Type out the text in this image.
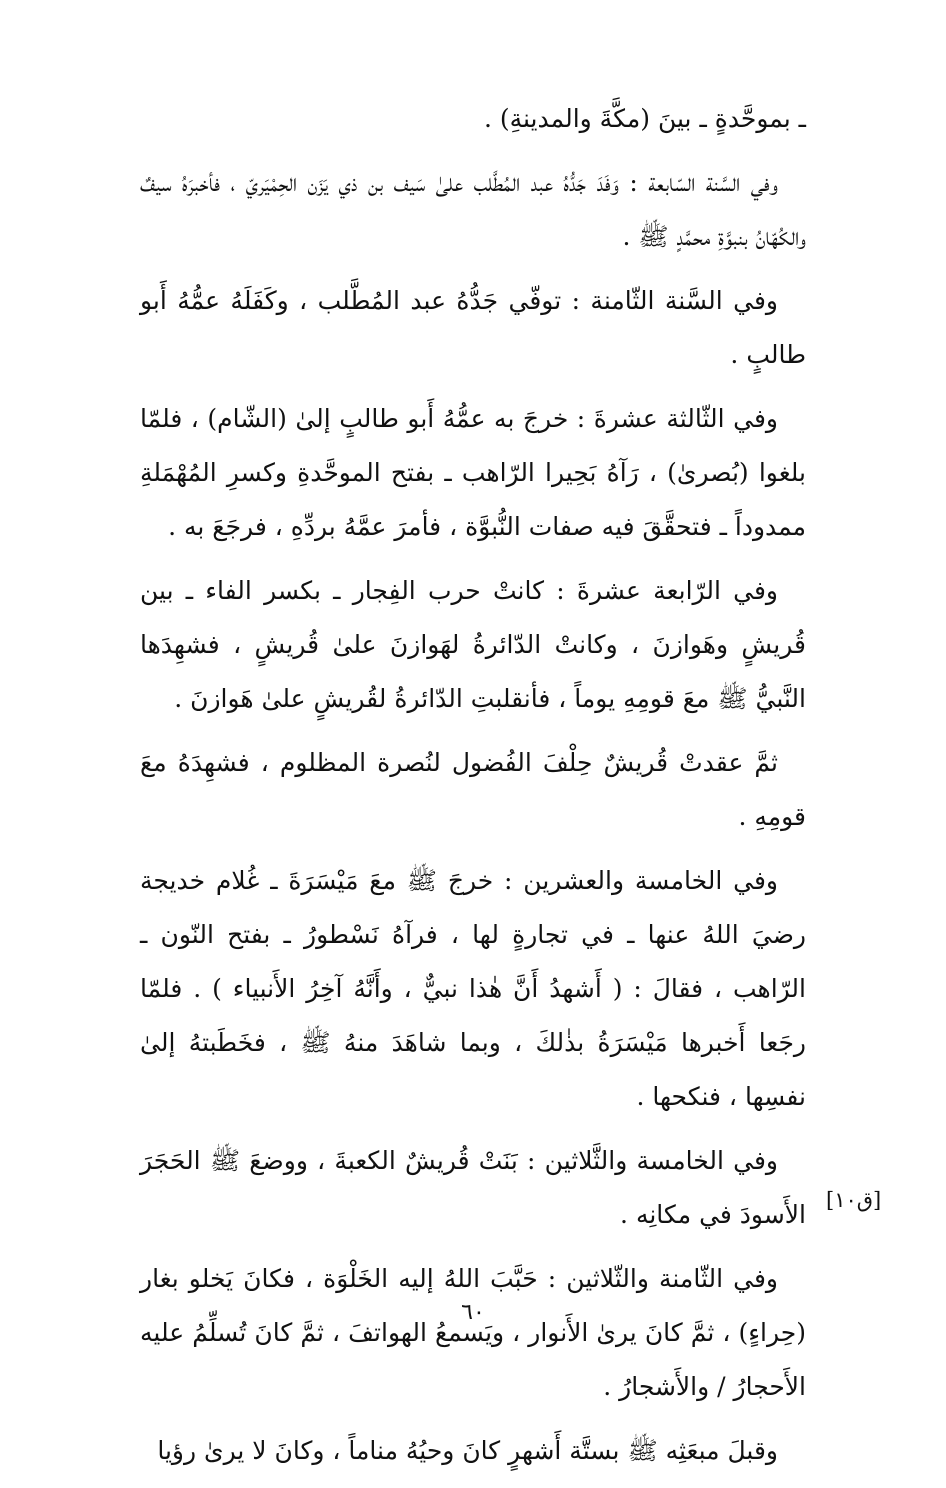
ـ بموحَّدةٍ ـ بينَ (مكَّةَ والمدينةِ) .

وفي السَّنة السّابعة : وَفَدَ جَدُّهُ عبد المُطَّلب علىٰ سَيف بن ذي يَزَن الحِمْيَريّ ، فأخبرَهُ سيفٌ والكُهّانُ بنبوَّةِ محمَّدٍ ﷺ .

وفي السَّنة الثّامنة : توفّي جَدُّهُ عبد المُطَّلب ، وكَفَلَهُ عمُّهُ أَبو طالبٍ .

وفي الثّالثة عشرةَ : خرجَ به عمُّهُ أَبو طالبٍ إلىٰ (الشّام) ، فلمّا بلغوا (بُصرىٰ) ، رَآهُ بَحِيرا الرّاهب ـ بفتح الموحَّدةِ وكسرِ المُهْمَلةِ ممدوداً ـ فتحقَّقَ فيه صفات النُّبوَّة ، فأمرَ عمَّهُ بردِّهِ ، فرجَعَ به .

وفي الرّابعة عشرةَ : كانتْ حرب الفِجار ـ بكسر الفاء ـ بين قُريشٍ وهَوازنَ ، وكانتْ الدّائرةُ لهَوازنَ علىٰ قُريشٍ ، فشهِدَها النَّبيُّ ﷺ معَ قومِهِ يوماً ، فأنقلبتِ الدّائرةُ لقُريشٍ علىٰ هَوازنَ .

ثمَّ عقدتْ قُريشٌ حِلْفَ الفُضول لنُصرة المظلوم ، فشهِدَهُ معَ قومِهِ .

وفي الخامسة والعشرين : خرجَ ﷺ معَ مَيْسَرَةَ ـ غُلام خديجة رضيَ اللهُ عنها ـ في تجارةٍ لها ، فرآهُ نَسْطورُ ـ بفتح النّون ـ الرّاهب ، فقالَ : ( أَشهدُ أَنَّ هٰذا نبيٌّ ، وأَنَّهُ آخِرُ الأَنبياء ) . فلمّا رجَعا أَخبرها مَيْسَرَةُ بذٰلكَ ، وبما شاهَدَ منهُ ﷺ ، فخَطَبتهُ إلىٰ نفسِها ، فنكحها .

وفي الخامسة والثَّلاثين : بَنَتْ قُريشٌ الكعبةَ ، ووضعَ ﷺ الحَجَرَ الأَسودَ في مكانِه .

وفي الثّامنة والثّلاثين : حَبَّبَ اللهُ إليه الخَلْوَة ، فكانَ يَخلو بغار (حِراءٍ) ، ثمَّ كانَ يرىٰ الأَنوار ، ويَسمعُ الهواتفَ ، ثمَّ كانَ تُسلِّمُ عليه الأَحجارُ / والأَشجارُ .

وقبلَ مبعَثِه ﷺ بستَّة أَشهرٍ كانَ وحيُهُ مناماً ، وكانَ لا يرىٰ رؤيا

[ق١٠]
٦٠
